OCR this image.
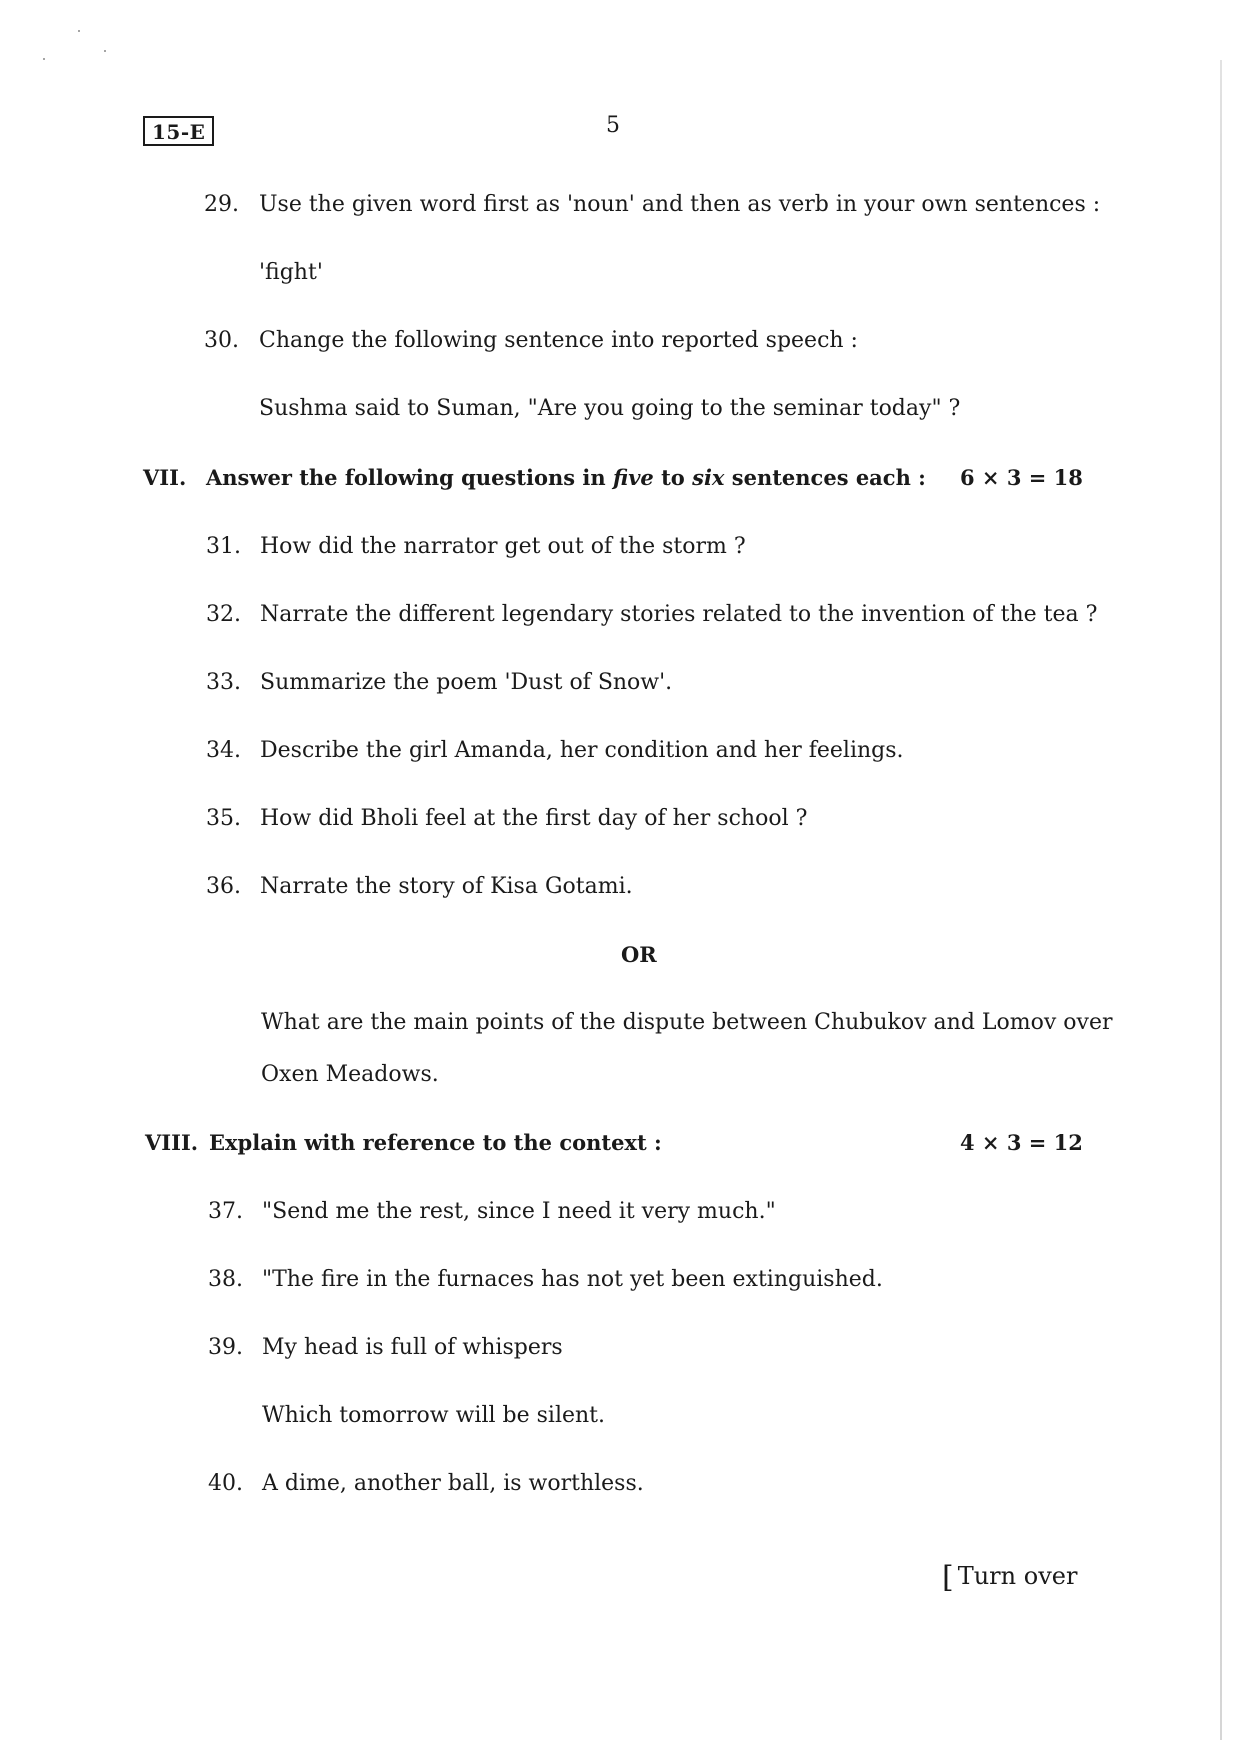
15-E	5
29. Use the given word first as 'noun' and then as verb in your own sentences :
'fight'
30. Change the following sentence into reported speech :
Sushma said to Suman, "Are you going to the seminar today" ?
VII. Answer the following questions in five to six sentences each : 6 × 3 = 18
31. How did the narrator get out of the storm ?
32. Narrate the different legendary stories related to the invention of the tea ?
33. Summarize the poem 'Dust of Snow'.
34. Describe the girl Amanda, her condition and her feelings.
35. How did Bholi feel at the first day of her school ?
36. Narrate the story of Kisa Gotami.
OR
What are the main points of the dispute between Chubukov and Lomov over
Oxen Meadows.
VIII. Explain with reference to the context :	4 × 3 = 12
37. "Send me the rest, since I need it very much."
38. "The fire in the furnaces has not yet been extinguished.
39. My head is full of whispers
Which tomorrow will be silent.
40. A dime, another ball, is worthless.
[ Turn over
